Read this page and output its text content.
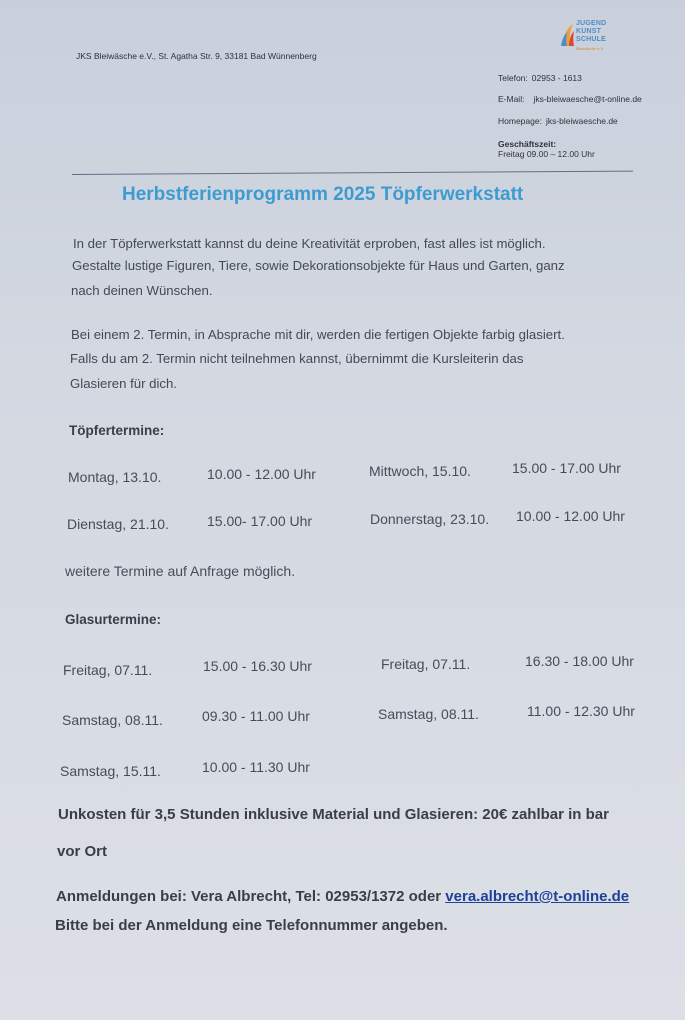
JUGEND
KUNST
SCHULE
Bleiwäsche e.V.
JKS Bleiwäsche e.V., St. Agatha Str. 9, 33181 Bad Wünnenberg
Telefon: 02953 - 1613
E-Mail: jks-bleiwaesche@t-online.de
Homepage: jks-bleiwaesche.de
Geschäftszeit:
Freitag 09.00 – 12.00 Uhr
Herbstferienprogramm 2025 Töpferwerkstatt
In der Töpferwerkstatt kannst du deine Kreativität erproben, fast alles ist möglich.
Gestalte lustige Figuren, Tiere, sowie Dekorationsobjekte für Haus und Garten, ganz
nach deinen Wünschen.
Bei einem 2. Termin, in Absprache mit dir, werden die fertigen Objekte farbig glasiert.
Falls du am 2. Termin nicht teilnehmen kannst, übernimmt die Kursleiterin das
Glasieren für dich.
Töpfertermine:
Montag, 13.10.	10.00 - 12.00 Uhr	Mittwoch, 15.10.	15.00 - 17.00 Uhr
Dienstag, 21.10.	15.00- 17.00 Uhr	Donnerstag, 23.10. 10.00 - 12.00 Uhr
weitere Termine auf Anfrage möglich.
Glasurtermine:
Freitag, 07.11.	15.00 - 16.30 Uhr	Freitag, 07.11.	16.30 - 18.00 Uhr
Samstag, 08.11.	09.30 - 11.00 Uhr	Samstag, 08.11.	11.00 - 12.30 Uhr
Samstag, 15.11.	10.00 - 11.30 Uhr
Unkosten für 3,5 Stunden inklusive Material und Glasieren: 20€ zahlbar in bar
vor Ort
Anmeldungen bei: Vera Albrecht, Tel: 02953/1372 oder vera.albrecht@t-online.de
Bitte bei der Anmeldung eine Telefonnummer angeben.
